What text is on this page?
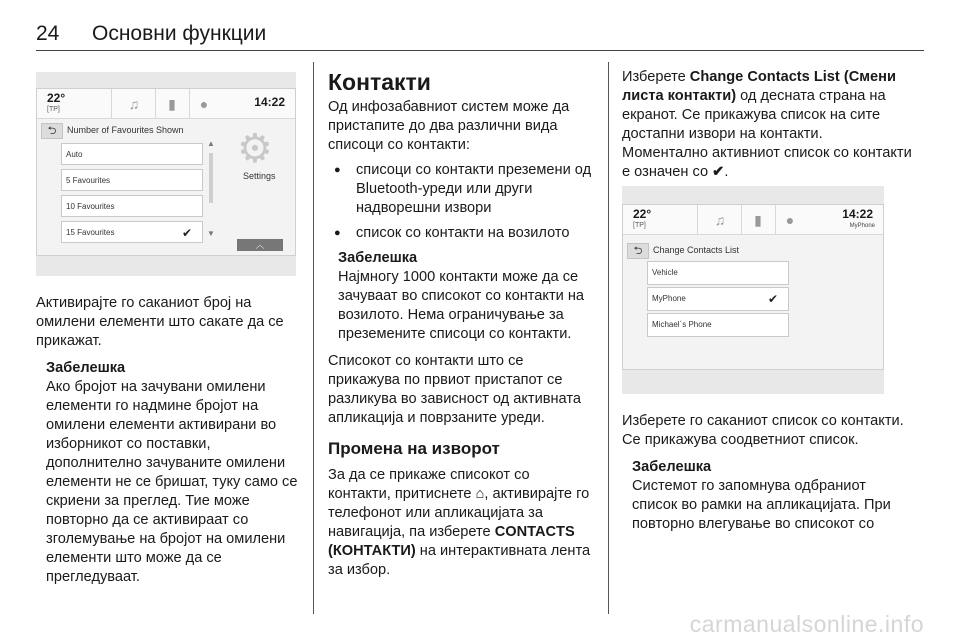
24 Основни функции
22°
[TP]	♫	▮	●	14:22
⮌	Number of Favourites Shown
Auto
5 Favourites
10 Favourites
15 Favourites	✔
▲
▼
⚙
Settings
︿

Активирајте го саканиот број на омилени елементи што сакате да се прикажат.

Забелешка

Ако бројот на зачувани омилени елементи го надмине бројот на омилени елементи активирани во изборникот со поставки, дополнително зачуваните омилени елементи не се бришат, туку само се скриени за преглед. Тие може повторно да се активираат со зголемување на бројот на омилени елементи што може да се прегледуваат.

Контакти

Од инфозабавниот систем може да пристапите до два различни вида списоци со контакти:

● списоци со контакти преземени од Bluetooth-уреди или други надворешни извори

● список со контакти на возилото

Забелешка

Најмногу 1000 контакти може да се зачуваат во списокот со контакти на возилото. Нема ограничување за преземените списоци со контакти.

Списокот со контакти што се прикажува по првиот пристапот се разликува во зависност од активната апликација и поврзаните уреди.

Промена на изворот

За да се прикаже списокот со контакти, притиснете ⌂, активирајте го телефонот или апликацијата за навигација, па изберете CONTACTS (КОНТАКТИ) на интерактивната лента за избор.

Изберете Change Contacts List (Смени листа контакти) од десната страна на екранот. Се прикажува список на сите достапни извори на контакти. Моментално активниот список со контакти е означен со ✔.

22°
[TP]	♫	▮	●	14:22
MyPhone
⮌	Change Contacts List
Vehicle
MyPhone	✔
Michael´s Phone

Изберете го саканиот список со контакти. Се прикажува соодветниот список.

Забелешка

Системот го запомнува одбраниот список во рамки на апликацијата. При повторно влегување во списокот со

carmanualsonline.info
